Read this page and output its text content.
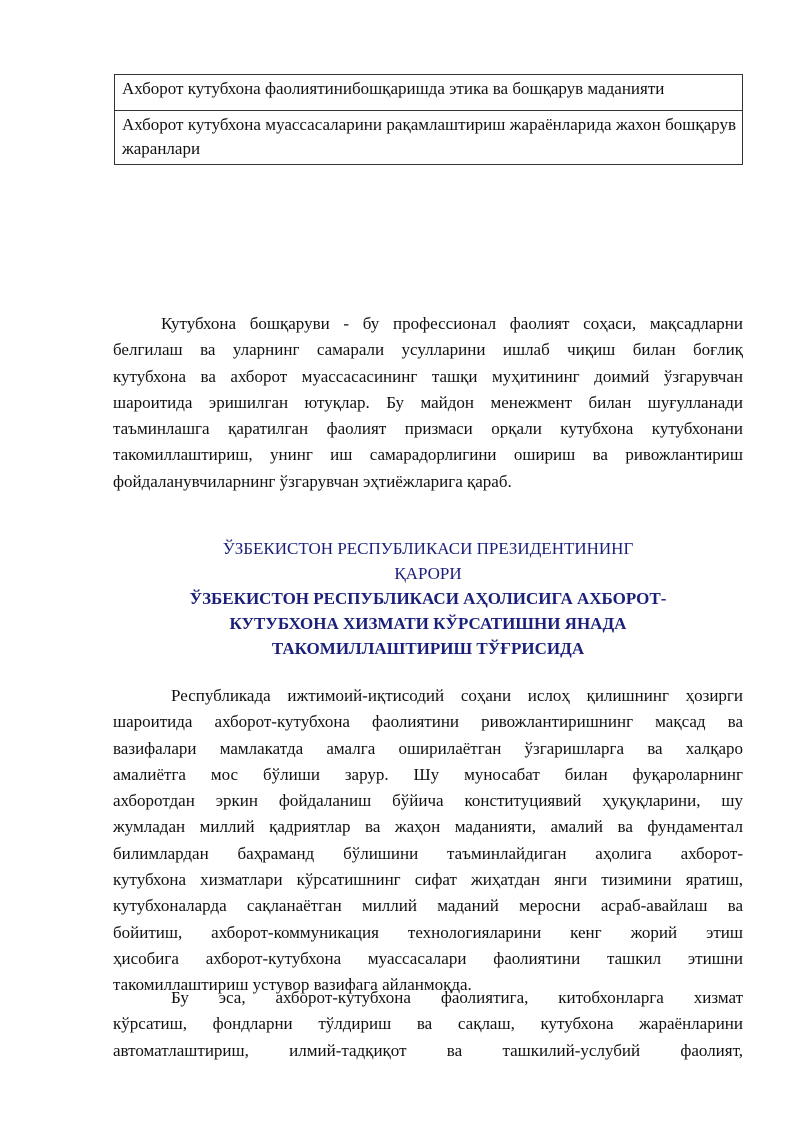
Ахборот кутубхона фаолиятинибошқаришда этика ва бошқарув маданияти
Ахборот кутубхона муассасаларини рақамлаштириш жараёнларида жахон бошқарув жаранлари
Кутубхона бошқаруви - бу профессионал фаолият соҳаси, мақсадларни
белгилаш ва уларнинг самарали усулларини ишлаб чиқиш билан боғлиқ
кутубхона ва ахборот муассасасининг ташқи муҳитининг доимий ўзгарувчан
шароитида эришилган ютуқлар. Бу майдон менежмент билан шуғулланади
таъминлашга қаратилган фаолият призмаси орқали кутубхона кутубхонани
такомиллаштириш, унинг иш самарадорлигини ошириш ва ривожлантириш
фойдаланувчиларнинг ўзгарувчан эҳтиёжларига қараб.
ЎЗБЕКИСТОН РЕСПУБЛИКАСИ ПРЕЗИДЕНТИНИНГ
ҚАРОРИ
ЎЗБЕКИСТОН РЕСПУБЛИКАСИ АҲОЛИСИГА АХБОРОТ-
КУТУБХОНА ХИЗМАТИ КЎРСАТИШНИ ЯНАДА
ТАКОМИЛЛАШТИРИШ ТЎҒРИСИДА
Республикада ижтимоий-иқтисодий соҳани ислоҳ қилишнинг ҳозирги
шароитида ахборот-кутубхона фаолиятини ривожлантиришнинг мақсад ва
вазифалари мамлакатда амалга оширилаётган ўзгаришларга ва халқаро
амалиётга мос бўлиши зарур. Шу муносабат билан фуқароларнинг
ахборотдан эркин фойдаланиш бўйича конституциявий ҳуқуқларини, шу
жумладан миллий қадриятлар ва жаҳон маданияти, амалий ва фундаментал
билимлардан баҳраманд бўлишини таъминлайдиган аҳолига ахборот-
кутубхона хизматлари кўрсатишнинг сифат жиҳатдан янги тизимини яратиш,
кутубхоналарда сақланаётган миллий маданий меросни асраб-авайлаш ва
бойитиш, ахборот-коммуникация технологияларини кенг жорий этиш
ҳисобига ахборот-кутубхона муассасалари фаолиятини ташкил этишни
такомиллаштириш устувор вазифага айланмоқда.
Бу эса, ахборот-кутубхона фаолиятига, китобхонларга хизмат
кўрсатиш, фондларни тўлдириш ва сақлаш, кутубхона жараёнларини
автоматлаштириш, илмий-тадқиқот ва ташкилий-услубий фаолият,
